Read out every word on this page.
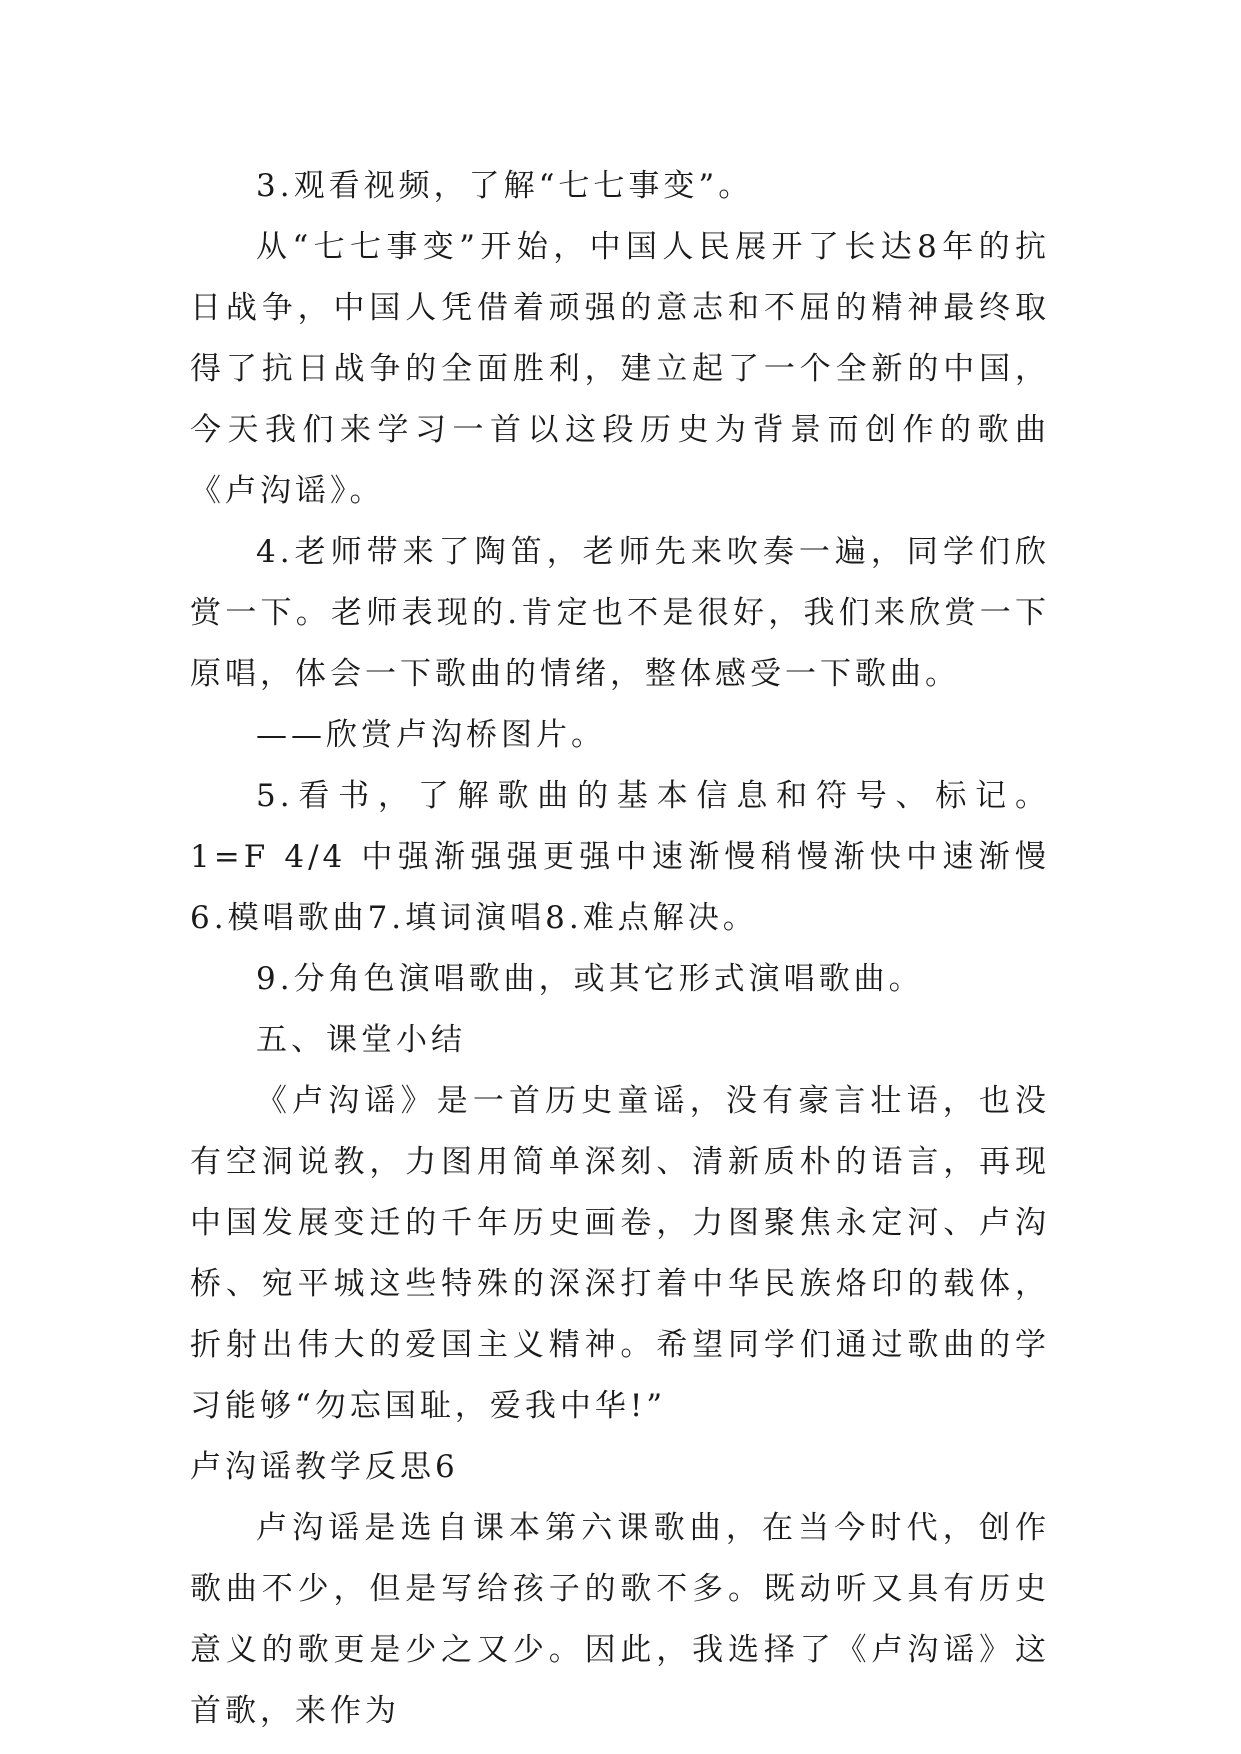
3.观看视频，了解“七七事变”。

从“七七事变”开始，中国人民展开了长达8年的抗日战争，中国人凭借着顽强的意志和不屈的精神最终取得了抗日战争的全面胜利，建立起了一个全新的中国，今天我们来学习一首以这段历史为背景而创作的歌曲《卢沟谣》。

4.老师带来了陶笛，老师先来吹奏一遍，同学们欣赏一下。老师表现的.肯定也不是很好，我们来欣赏一下原唱，体会一下歌曲的情绪，整体感受一下歌曲。

——欣赏卢沟桥图片。

5.看书，了解歌曲的基本信息和符号、标记。 1=F 4/4 中强渐强强更强中速渐慢稍慢渐快中速渐慢6.模唱歌曲7.填词演唱8.难点解决。

9.分角色演唱歌曲，或其它形式演唱歌曲。

五、课堂小结

《卢沟谣》是一首历史童谣，没有豪言壮语，也没有空洞说教，力图用简单深刻、清新质朴的语言，再现中国发展变迁的千年历史画卷，力图聚焦永定河、卢沟桥、宛平城这些特殊的深深打着中华民族烙印的载体，折射出伟大的爱国主义精神。希望同学们通过歌曲的学习能够“勿忘国耻，爱我中华!”

卢沟谣教学反思6

卢沟谣是选自课本第六课歌曲，在当今时代，创作歌曲不少，但是写给孩子的歌不多。既动听又具有历史意义的歌更是少之又少。因此，我选择了《卢沟谣》这首歌，来作为
